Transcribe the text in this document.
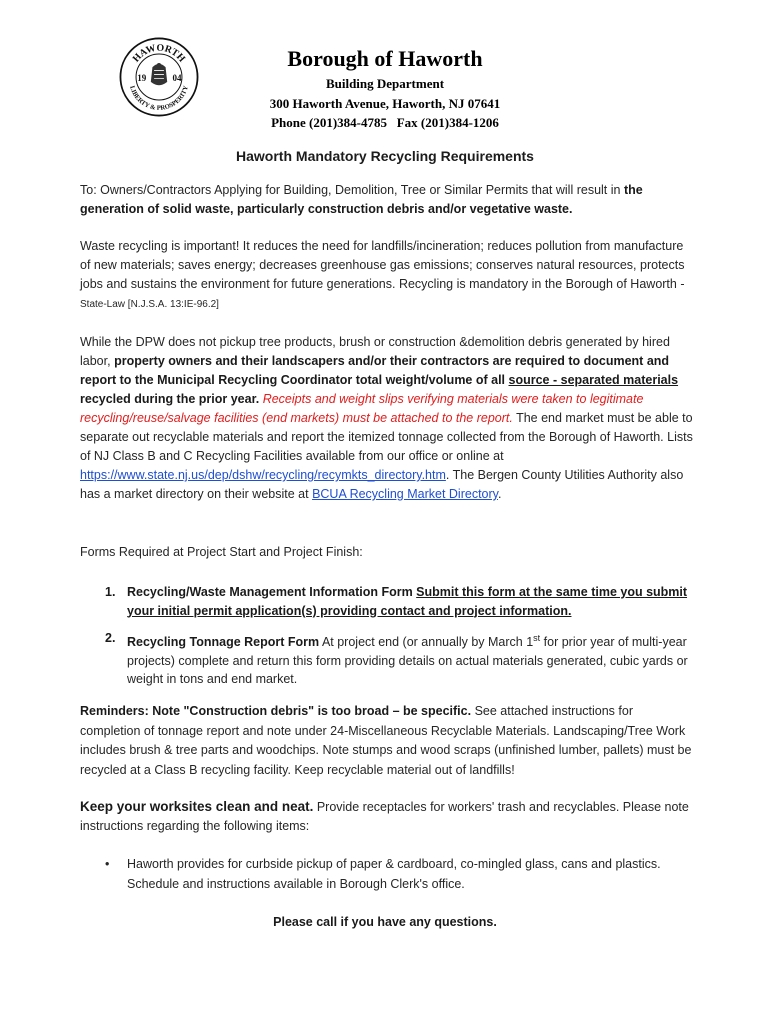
HAWORTH
LIBERTY & PROSPERITY
19 04
Borough of Haworth
Building Department
300 Haworth Avenue, Haworth, NJ 07641
Phone (201)384-4785   Fax (201)384-1206
Haworth Mandatory Recycling Requirements
To: Owners/Contractors Applying for Building, Demolition, Tree or Similar Permits that will result in the generation of solid waste, particularly construction debris and/or vegetative waste.
Waste recycling is important! It reduces the need for landfills/incineration; reduces pollution from manufacture of new materials; saves energy; decreases greenhouse gas emissions; conserves natural resources, protects jobs and sustains the environment for future generations. Recycling is mandatory in the Borough of Haworth - State-Law [N.J.S.A. 13:IE-96.2]
While the DPW does not pickup tree products, brush or construction &demolition debris generated by hired labor, property owners and their landscapers and/or their contractors are required to document and report to the Municipal Recycling Coordinator total weight/volume of all source - separated materials recycled during the prior year. Receipts and weight slips verifying materials were taken to legitimate recycling/reuse/salvage facilities (end markets) must be attached to the report. The end market must be able to separate out recyclable materials and report the itemized tonnage collected from the Borough of Haworth. Lists of NJ Class B and C Recycling Facilities available from our office or online at https://www.state.nj.us/dep/dshw/recycling/recymkts_directory.htm. The Bergen County Utilities Authority also has a market directory on their website at BCUA Recycling Market Directory.
Forms Required at Project Start and Project Finish:
1. Recycling/Waste Management Information Form Submit this form at the same time you submit your initial permit application(s) providing contact and project information.
2. Recycling Tonnage Report Form At project end (or annually by March 1st for prior year of multi-year projects) complete and return this form providing details on actual materials generated, cubic yards or weight in tons and end market.
Reminders: Note "Construction debris" is too broad – be specific. See attached instructions for completion of tonnage report and note under 24-Miscellaneous Recyclable Materials. Landscaping/Tree Work includes brush & tree parts and woodchips. Note stumps and wood scraps (unfinished lumber, pallets) must be recycled at a Class B recycling facility. Keep recyclable material out of landfills!
Keep your worksites clean and neat. Provide receptacles for workers' trash and recyclables. Please note instructions regarding the following items:
•	Haworth provides for curbside pickup of paper & cardboard, co-mingled glass, cans and plastics. Schedule and instructions available in Borough Clerk's office.
Please call if you have any questions.
